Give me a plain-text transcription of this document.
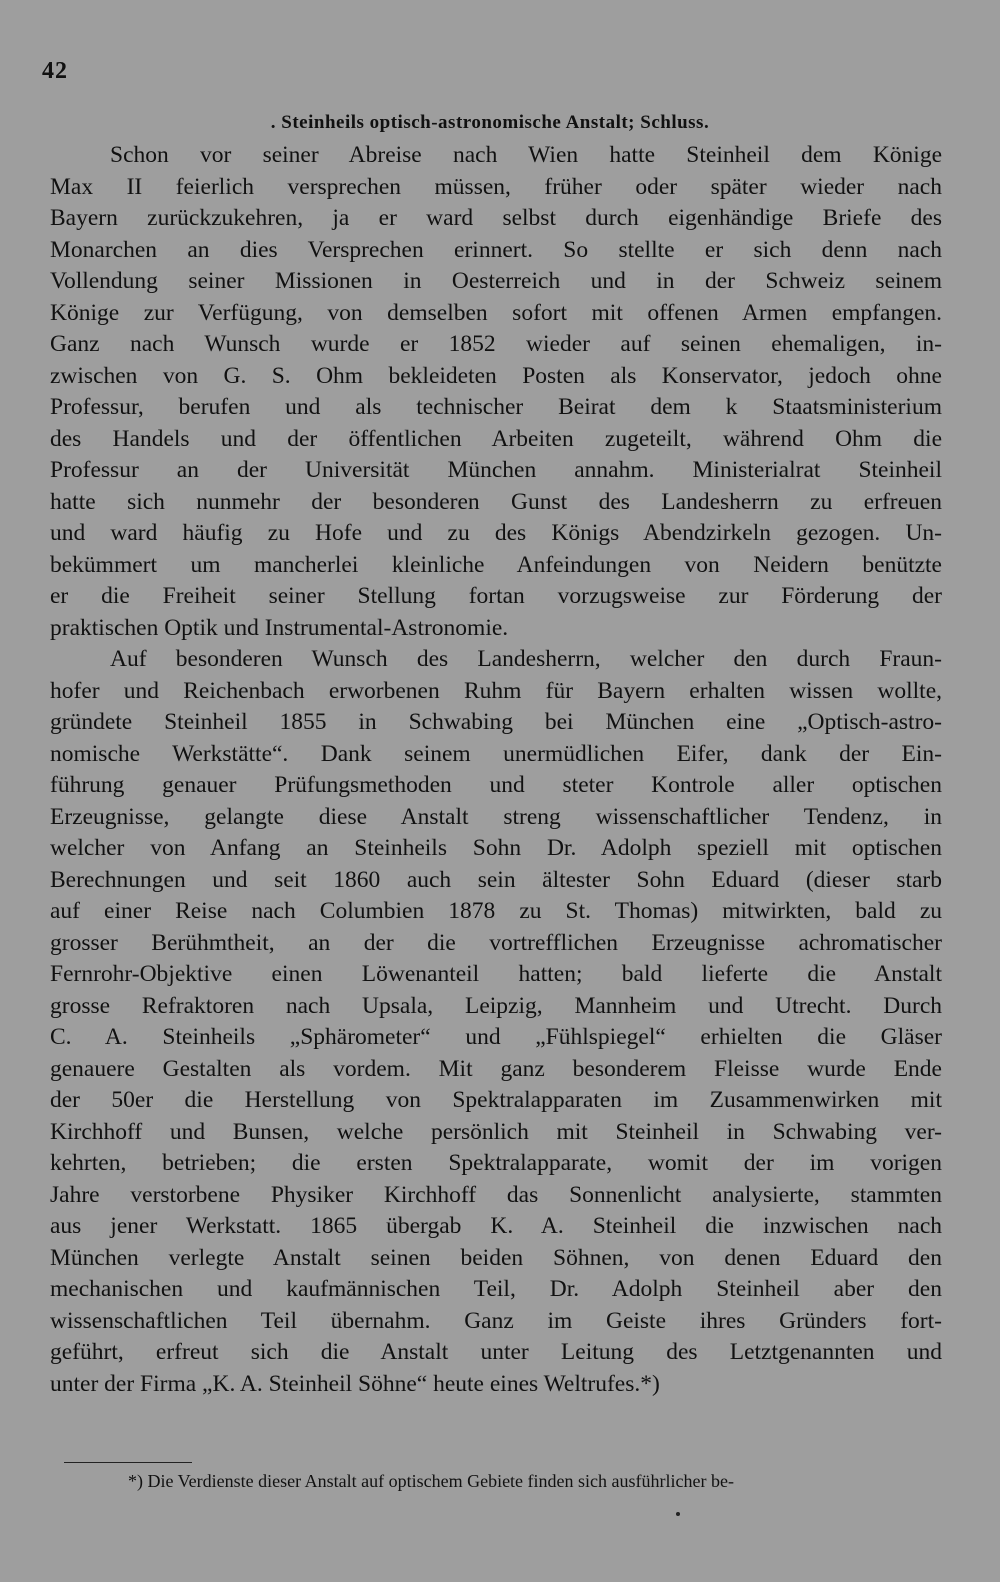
42
. Steinheils optisch-astronomische Anstalt; Schluss.
Schon vor seiner Abreise nach Wien hatte Steinheil dem Könige
Max II feierlich versprechen müssen, früher oder später wieder nach
Bayern zurückzukehren, ja er ward selbst durch eigenhändige Briefe des
Monarchen an dies Versprechen erinnert. So stellte er sich denn nach
Vollendung seiner Missionen in Oesterreich und in der Schweiz seinem
Könige zur Verfügung, von demselben sofort mit offenen Armen empfangen.
Ganz nach Wunsch wurde er 1852 wieder auf seinen ehemaligen, in-
zwischen von G. S. Ohm bekleideten Posten als Konservator, jedoch ohne
Professur, berufen und als technischer Beirat dem k Staatsministerium
des Handels und der öffentlichen Arbeiten zugeteilt, während Ohm die
Professur an der Universität München annahm. Ministerialrat Steinheil
hatte sich nunmehr der besonderen Gunst des Landesherrn zu erfreuen
und ward häufig zu Hofe und zu des Königs Abendzirkeln gezogen. Un-
bekümmert um mancherlei kleinliche Anfeindungen von Neidern benützte
er die Freiheit seiner Stellung fortan vorzugsweise zur Förderung der
praktischen Optik und Instrumental-Astronomie.
Auf besonderen Wunsch des Landesherrn, welcher den durch Fraun-
hofer und Reichenbach erworbenen Ruhm für Bayern erhalten wissen wollte,
gründete Steinheil 1855 in Schwabing bei München eine „Optisch-astro-
nomische Werkstätte“. Dank seinem unermüdlichen Eifer, dank der Ein-
führung genauer Prüfungsmethoden und steter Kontrole aller optischen
Erzeugnisse, gelangte diese Anstalt streng wissenschaftlicher Tendenz, in
welcher von Anfang an Steinheils Sohn Dr. Adolph speziell mit optischen
Berechnungen und seit 1860 auch sein ältester Sohn Eduard (dieser starb
auf einer Reise nach Columbien 1878 zu St. Thomas) mitwirkten, bald zu
grosser Berühmtheit, an der die vortrefflichen Erzeugnisse achromatischer
Fernrohr-Objektive einen Löwenanteil hatten; bald lieferte die Anstalt
grosse Refraktoren nach Upsala, Leipzig, Mannheim und Utrecht. Durch
C. A. Steinheils „Sphärometer“ und „Fühlspiegel“ erhielten die Gläser
genauere Gestalten als vordem. Mit ganz besonderem Fleisse wurde Ende
der 50er die Herstellung von Spektralapparaten im Zusammenwirken mit
Kirchhoff und Bunsen, welche persönlich mit Steinheil in Schwabing ver-
kehrten, betrieben; die ersten Spektralapparate, womit der im vorigen
Jahre verstorbene Physiker Kirchhoff das Sonnenlicht analysierte, stammten
aus jener Werkstatt. 1865 übergab K. A. Steinheil die inzwischen nach
München verlegte Anstalt seinen beiden Söhnen, von denen Eduard den
mechanischen und kaufmännischen Teil, Dr. Adolph Steinheil aber den
wissenschaftlichen Teil übernahm. Ganz im Geiste ihres Gründers fort-
geführt, erfreut sich die Anstalt unter Leitung des Letztgenannten und
unter der Firma „K. A. Steinheil Söhne“ heute eines Weltrufes.*)
*) Die Verdienste dieser Anstalt auf optischem Gebiete finden sich ausführlicher be-
